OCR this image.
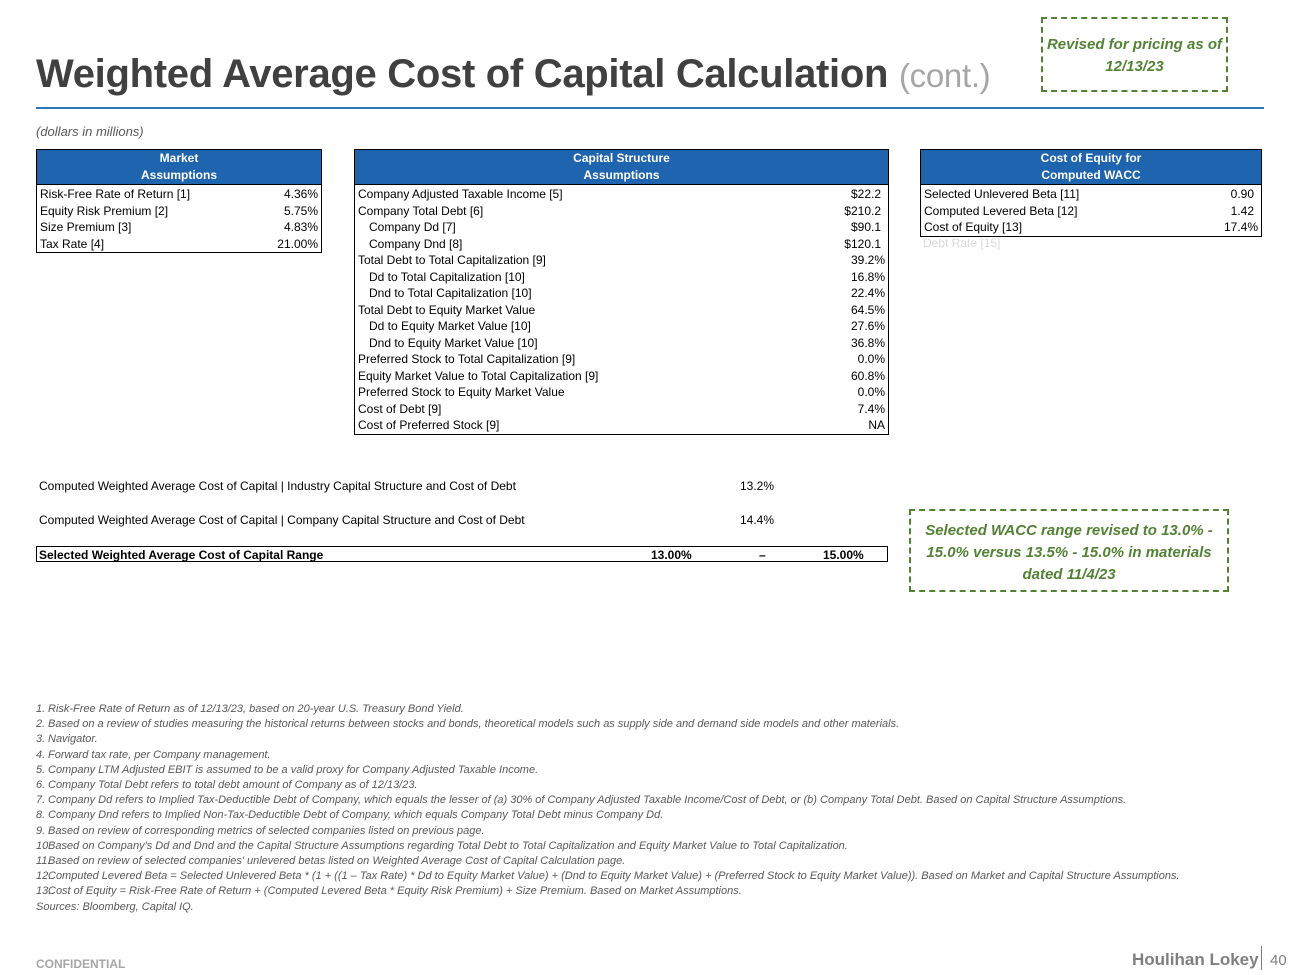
Weighted Average Cost of Capital Calculation (cont.)
Revised for pricing as of 12/13/23
(dollars in millions)
Market
Assumptions	

Risk-Free Rate of Return [1]	4.36%
Equity Risk Premium [2]	5.75%
Size Premium [3]	4.83%
Tax Rate [4]	21.00%
Capital Structure
Assumptions	

Company Adjusted Taxable Income [5]	$22.2
Company Total Debt [6]	$210.2
Company Dd [7]	$90.1
Company Dnd [8]	$120.1
Total Debt to Total Capitalization [9]	39.2%
Dd to Total Capitalization [10]	16.8%
Dnd to Total Capitalization [10]	22.4%
Total Debt to Equity Market Value	64.5%
Dd to Equity Market Value [10]	27.6%
Dnd to Equity Market Value [10]	36.8%
Preferred Stock to Total Capitalization [9]	0.0%
Equity Market Value to Total Capitalization [9]	60.8%
Preferred Stock to Equity Market Value	0.0%
Cost of Debt [9]	7.4%
Cost of Preferred Stock [9]	NA
Cost of Equity for
Computed WACC	

Selected Unlevered Beta [11]	0.90
Computed Levered Beta [12]	1.42
Cost of Equity [13]	17.4%
Debt Rate [15]
Computed Weighted Average Cost of Capital | Industry Capital Structure and Cost of Debt	13.2%
Computed Weighted Average Cost of Capital | Company Capital Structure and Cost of Debt	14.4%
Selected Weighted Average Cost of Capital Range	13.00%	–	15.00%
Selected WACC range revised to 13.0% - 15.0% versus 13.5% - 15.0% in materials dated 11/4/23
1. Risk-Free Rate of Return as of 12/13/23, based on 20-year U.S. Treasury Bond Yield.
2. Based on a review of studies measuring the historical returns between stocks and bonds, theoretical models such as supply side and demand side models and other materials.
3. Navigator.
4. Forward tax rate, per Company management.
5. Company LTM Adjusted EBIT is assumed to be a valid proxy for Company Adjusted Taxable Income.
6. Company Total Debt refers to total debt amount of Company as of 12/13/23.
7. Company Dd refers to Implied Tax-Deductible Debt of Company, which equals the lesser of (a) 30% of Company Adjusted Taxable Income/Cost of Debt, or (b) Company Total Debt. Based on Capital Structure Assumptions.
8. Company Dnd refers to Implied Non-Tax-Deductible Debt of Company, which equals Company Total Debt minus Company Dd.
9. Based on review of corresponding metrics of selected companies listed on previous page.
10.
Based on Company's Dd and Dnd and the Capital Structure Assumptions regarding Total Debt to Total Capitalization and Equity Market Value to Total Capitalization.
11.
Based on review of selected companies' unlevered betas listed on Weighted Average Cost of Capital Calculation page.
12.
Computed Levered Beta = Selected Unlevered Beta * (1 + ((1 – Tax Rate) * Dd to Equity Market Value) + (Dnd to Equity Market Value) + (Preferred Stock to Equity Market Value)). Based on Market and Capital Structure Assumptions.
13.
Cost of Equity = Risk-Free Rate of Return + (Computed Levered Beta * Equity Risk Premium) + Size Premium. Based on Market Assumptions.
Sources: Bloomberg, Capital IQ.
CONFIDENTIAL	Houlihan Lokey 40
